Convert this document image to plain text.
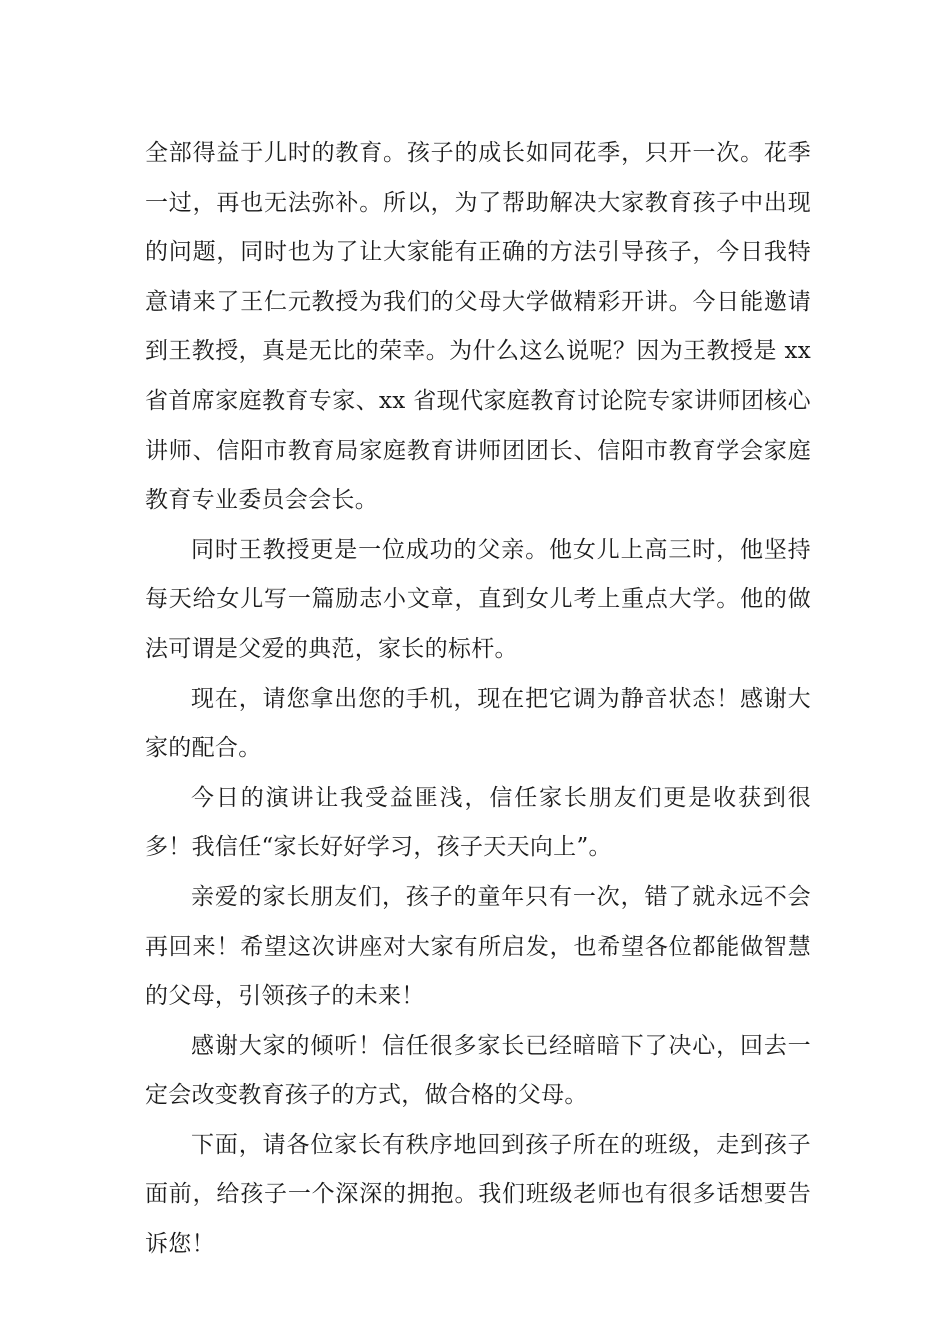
全部得益于儿时的教育。孩子的成长如同花季，只开一次。花季一过，再也无法弥补。所以，为了帮助解决大家教育孩子中出现的问题，同时也为了让大家能有正确的方法引导孩子，今日我特意请来了王仁元教授为我们的父母大学做精彩开讲。今日能邀请到王教授，真是无比的荣幸。为什么这么说呢？因为王教授是 xx 省首席家庭教育专家、xx 省现代家庭教育讨论院专家讲师团核心讲师、信阳市教育局家庭教育讲师团团长、信阳市教育学会家庭教育专业委员会会长。

同时王教授更是一位成功的父亲。他女儿上高三时，他坚持每天给女儿写一篇励志小文章，直到女儿考上重点大学。他的做法可谓是父爱的典范，家长的标杆。

现在，请您拿出您的手机，现在把它调为静音状态！感谢大家的配合。

今日的演讲让我受益匪浅，信任家长朋友们更是收获到很多！我信任“家长好好学习，孩子天天向上”。

亲爱的家长朋友们，孩子的童年只有一次，错了就永远不会再回来！希望这次讲座对大家有所启发，也希望各位都能做智慧的父母，引领孩子的未来！

感谢大家的倾听！信任很多家长已经暗暗下了决心，回去一定会改变教育孩子的方式，做合格的父母。

下面，请各位家长有秩序地回到孩子所在的班级，走到孩子面前，给孩子一个深深的拥抱。我们班级老师也有很多话想要告诉您！
